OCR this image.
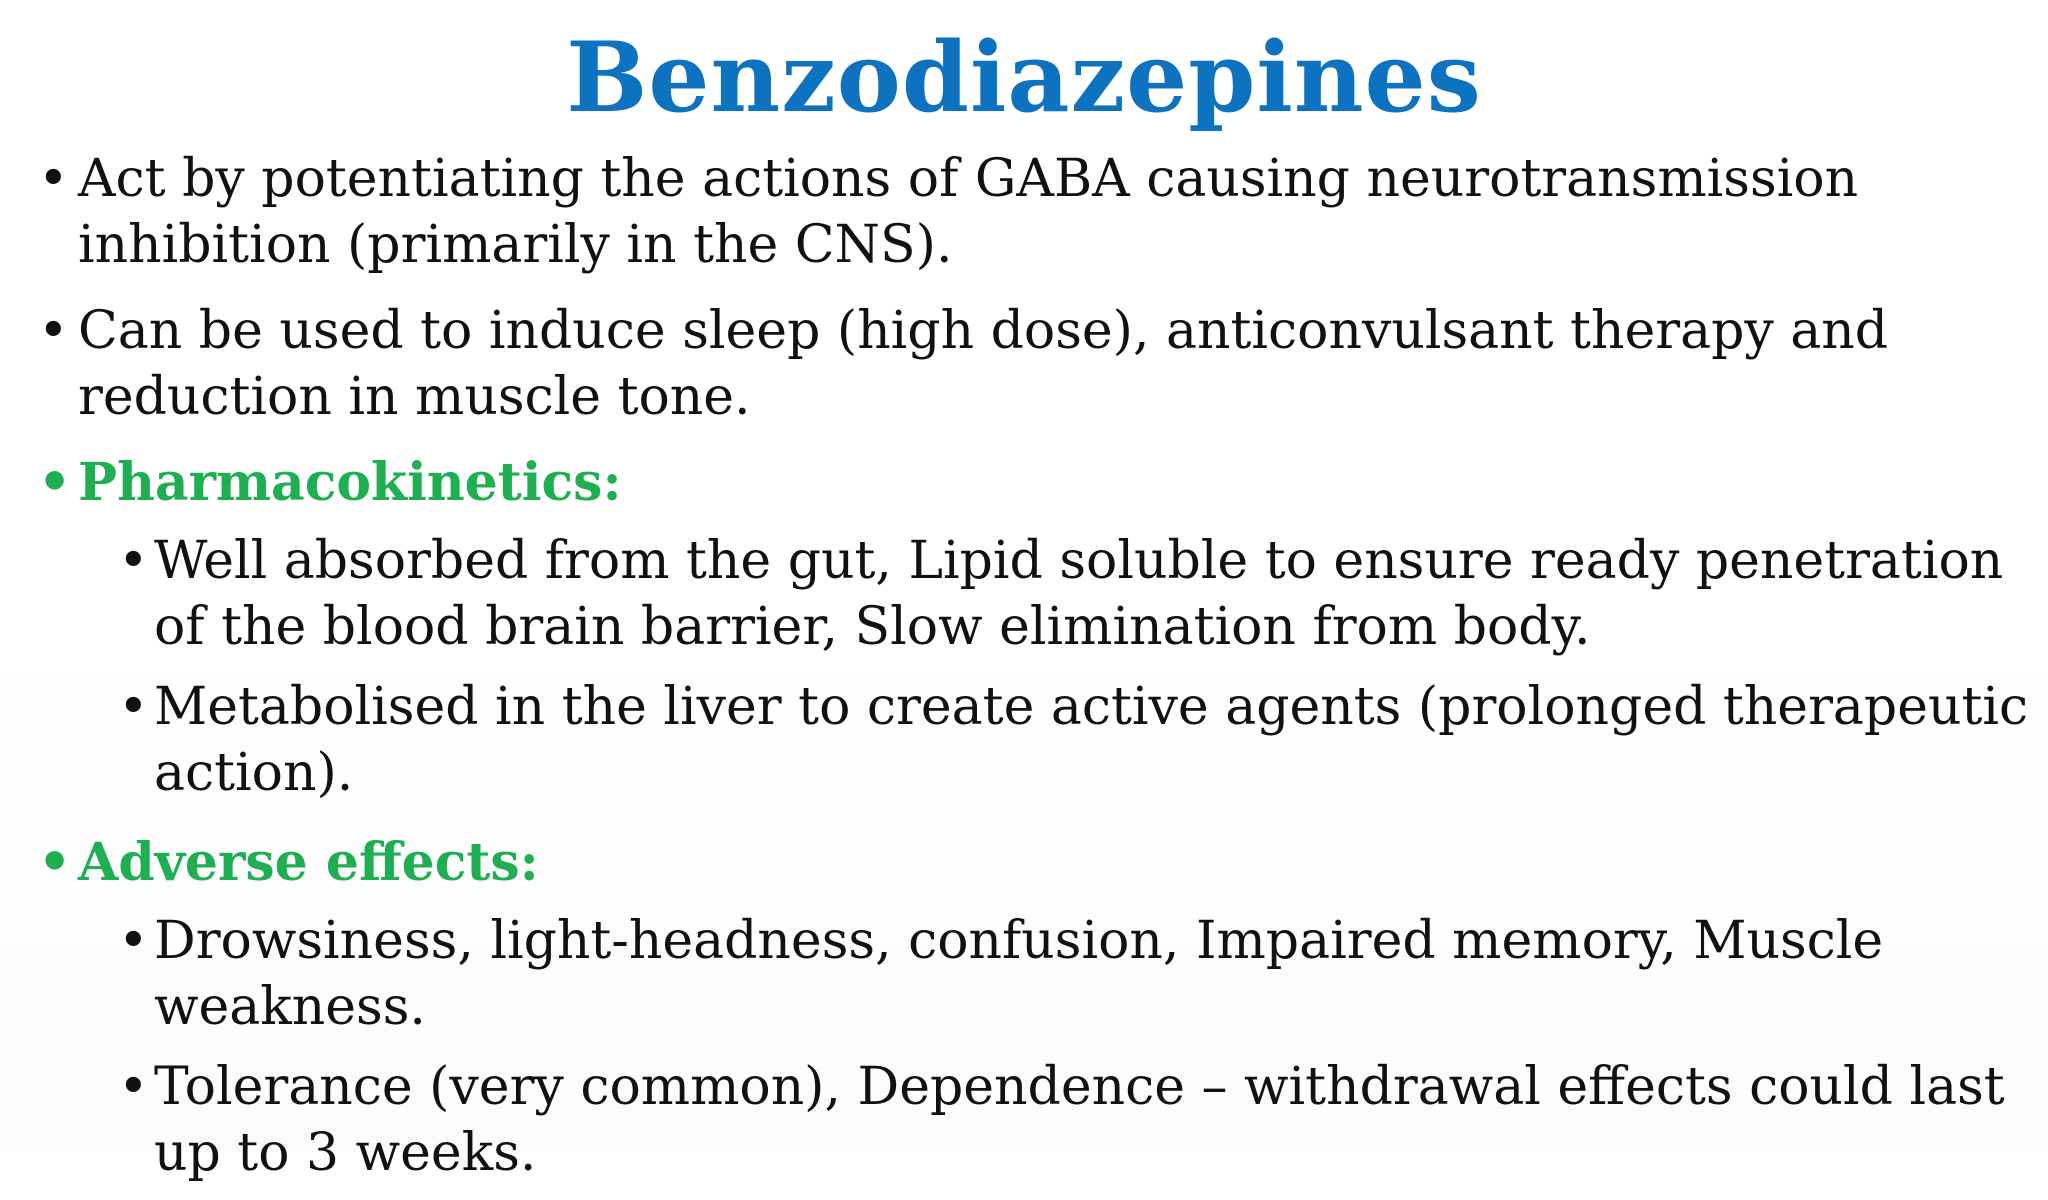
Benzodiazepines
• Act by potentiating the actions of GABA causing neurotransmission inhibition (primarily in the CNS).
• Can be used to induce sleep (high dose), anticonvulsant therapy and reduction in muscle tone.
• Pharmacokinetics:
• Well absorbed from the gut, Lipid soluble to ensure ready penetration of the blood brain barrier, Slow elimination from body.
• Metabolised in the liver to create active agents (prolonged therapeutic action).
• Adverse effects:
• Drowsiness, light-headness, confusion, Impaired memory, Muscle weakness.
• Tolerance (very common), Dependence – withdrawal effects could last up to 3 weeks.
